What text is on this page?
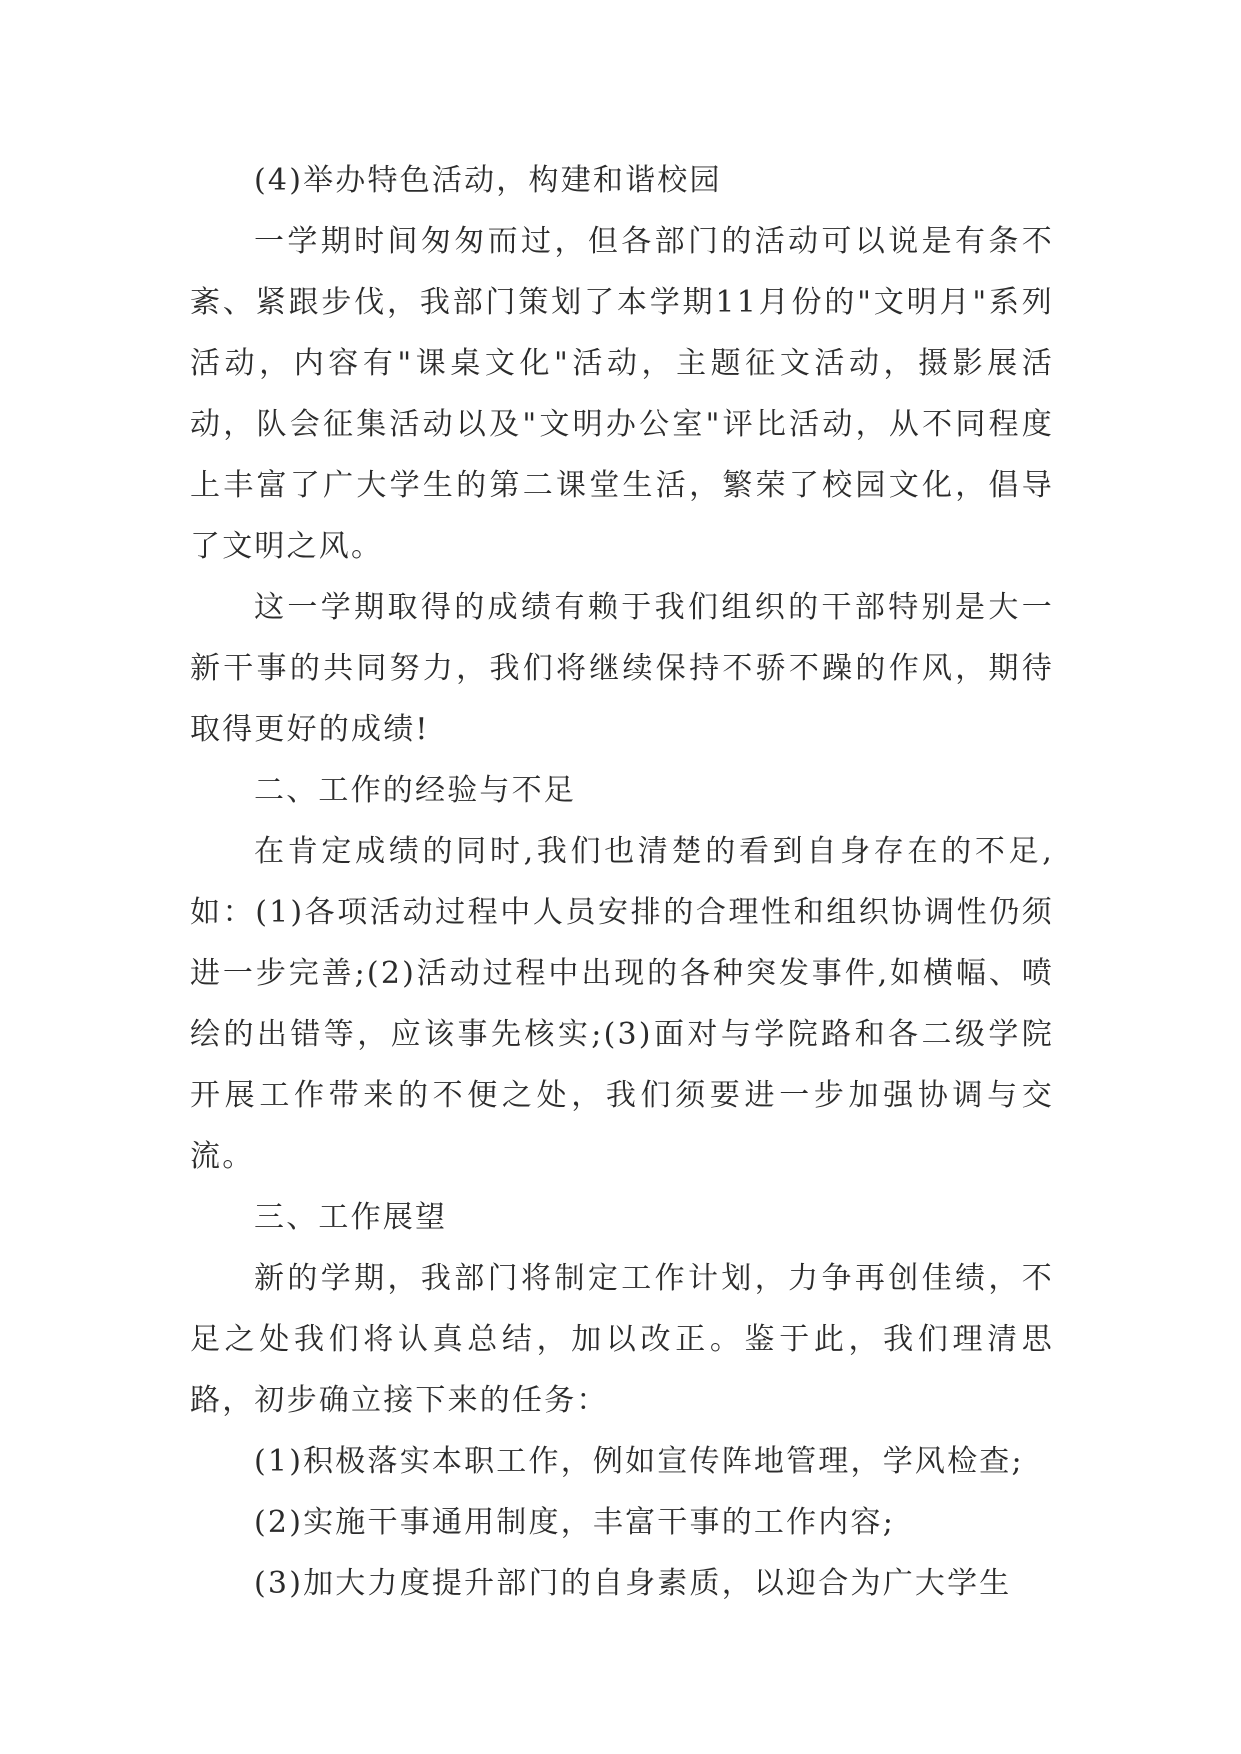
(4)举办特色活动，构建和谐校园

一学期时间匆匆而过，但各部门的活动可以说是有条不紊、紧跟步伐，我部门策划了本学期11月份的"文明月"系列活动，内容有"课桌文化"活动，主题征文活动，摄影展活动，队会征集活动以及"文明办公室"评比活动，从不同程度上丰富了广大学生的第二课堂生活，繁荣了校园文化，倡导了文明之风。

这一学期取得的成绩有赖于我们组织的干部特别是大一新干事的共同努力，我们将继续保持不骄不躁的作风，期待取得更好的成绩!

二、工作的经验与不足

在肯定成绩的同时,我们也清楚的看到自身存在的不足,如：(1)各项活动过程中人员安排的合理性和组织协调性仍须进一步完善;(2)活动过程中出现的各种突发事件,如横幅、喷绘的出错等，应该事先核实;(3)面对与学院路和各二级学院开展工作带来的不便之处，我们须要进一步加强协调与交流。

三、工作展望

新的学期，我部门将制定工作计划，力争再创佳绩，不足之处我们将认真总结，加以改正。鉴于此，我们理清思路，初步确立接下来的任务：

(1)积极落实本职工作，例如宣传阵地管理，学风检查;

(2)实施干事通用制度，丰富干事的工作内容;

(3)加大力度提升部门的自身素质，以迎合为广大学生
